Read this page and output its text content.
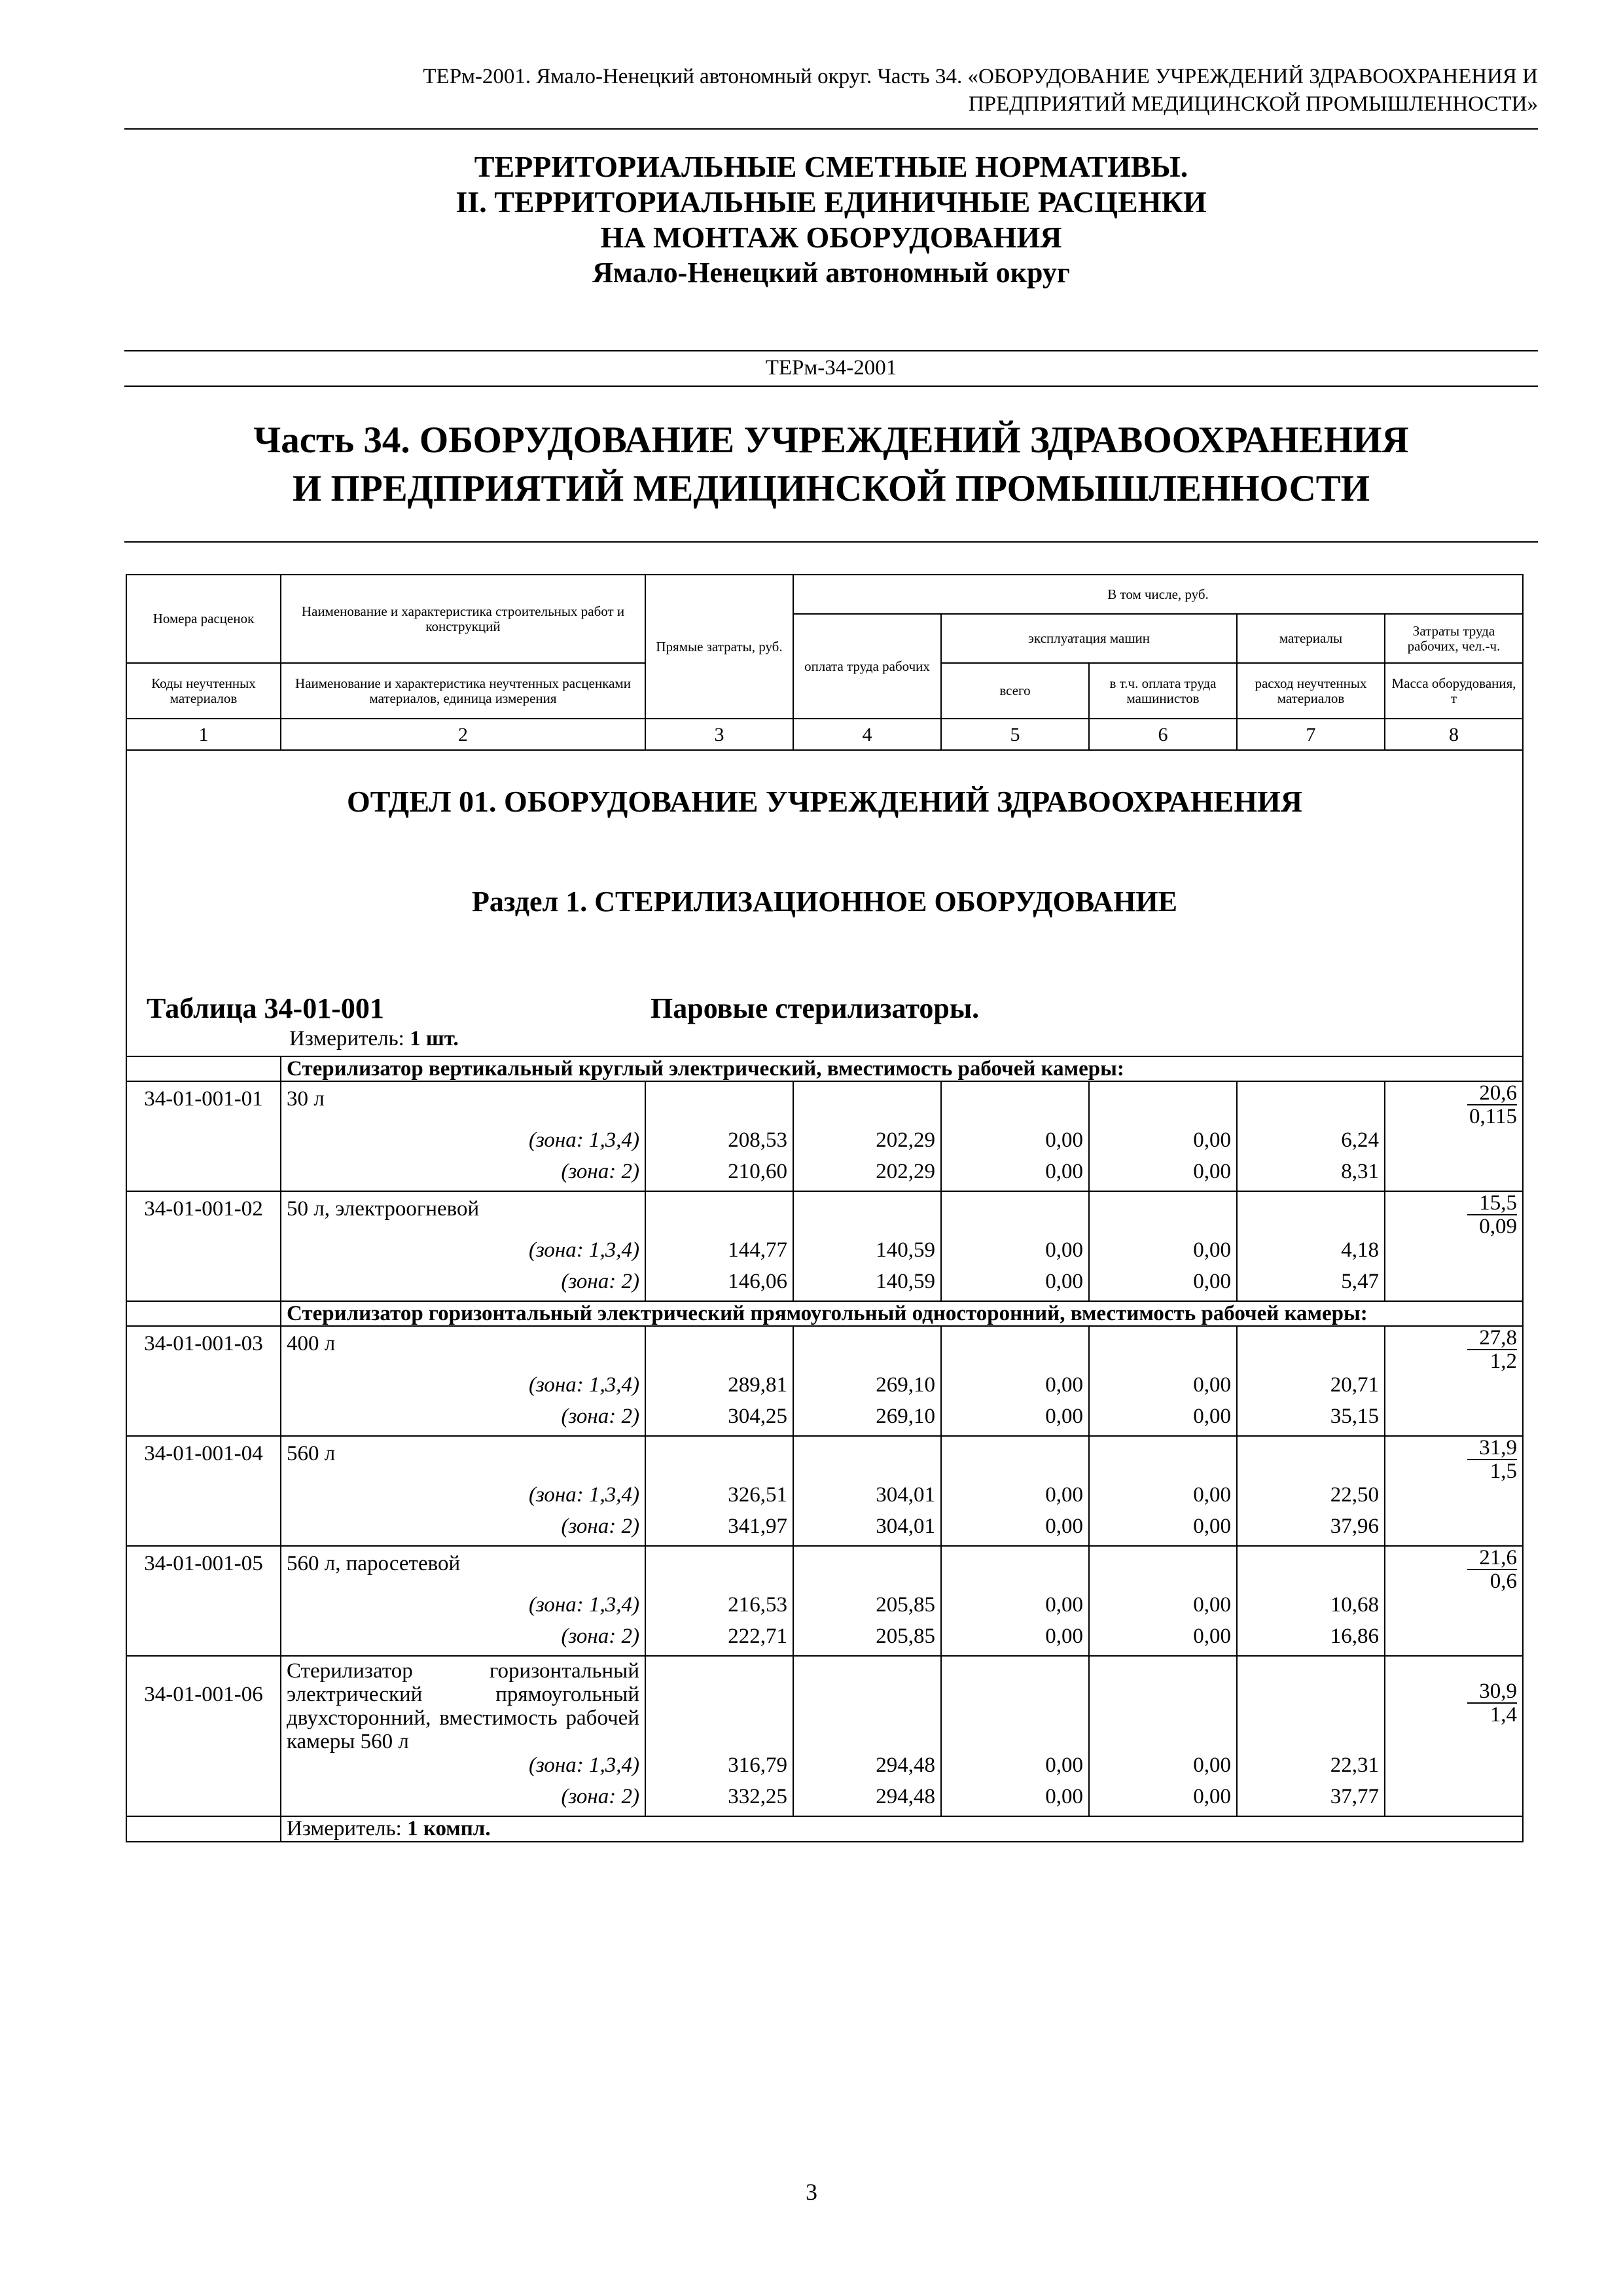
ТЕРм-2001. Ямало-Ненецкий автономный округ. Часть 34. «ОБОРУДОВАНИЕ УЧРЕЖДЕНИЙ ЗДРАВООХРАНЕНИЯ И
ПРЕДПРИЯТИЙ МЕДИЦИНСКОЙ ПРОМЫШЛЕННОСТИ»
ТЕРРИТОРИАЛЬНЫЕ СМЕТНЫЕ НОРМАТИВЫ.
II. ТЕРРИТОРИАЛЬНЫЕ ЕДИНИЧНЫЕ РАСЦЕНКИ
НА МОНТАЖ ОБОРУДОВАНИЯ
Ямало-Ненецкий автономный округ
ТЕРм-34-2001
Часть 34. ОБОРУДОВАНИЕ УЧРЕЖДЕНИЙ ЗДРАВООХРАНЕНИЯ
И ПРЕДПРИЯТИЙ МЕДИЦИНСКОЙ ПРОМЫШЛЕННОСТИ
Номера расценок	Наименование и характеристика строительных работ и конструкций	Прямые затраты, руб.	В том числе, руб.				
			оплата труда рабочих	эксплуатация машин		материалы	Затраты труда рабочих, чел.-ч.
Коды неучтенных материалов	Наименование и характеристика неучтенных расценками материалов, единица измерения			всего	в т.ч. оплата труда машинистов	расход неучтенных материалов	Масса оборудования, т
1	2	3	4	5	6	7	8

ОТДЕЛ 01. ОБОРУДОВАНИЕ УЧРЕЖДЕНИЙ ЗДРАВООХРАНЕНИЯ
Раздел 1. СТЕРИЛИЗАЦИОННОЕ ОБОРУДОВАНИЕ
Таблица 34-01-001 Паровые стерилизаторы.
Измеритель: 1 шт.							

	Стерилизатор вертикальный круглый электрический, вместимость рабочей камеры:						
34-01-001-01	30 л						$\frac{20,6}{0,115}$

	(зона: 1,3,4)	208,53	202,29	0,00	0,00	6,24	
	(зона: 2)	210,60	202,29	0,00	0,00	8,31	
34-01-001-02	50 л, электроогневой						$\frac{15,5}{0,09}$

	(зона: 1,3,4)	144,77	140,59	0,00	0,00	4,18	
	(зона: 2)	146,06	140,59	0,00	0,00	5,47	
	Стерилизатор горизонтальный электрический прямоугольный односторонний, вместимость рабочей камеры:						
34-01-001-03	400 л						$\frac{27,8}{1,2}$

	(зона: 1,3,4)	289,81	269,10	0,00	0,00	20,71	
	(зона: 2)	304,25	269,10	0,00	0,00	35,15	
34-01-001-04	560 л						$\frac{31,9}{1,5}$

	(зона: 1,3,4)	326,51	304,01	0,00	0,00	22,50	
	(зона: 2)	341,97	304,01	0,00	0,00	37,96	
34-01-001-05	560 л, паросетевой						$\frac{21,6}{0,6}$

	(зона: 1,3,4)	216,53	205,85	0,00	0,00	10,68	
	(зона: 2)	222,71	205,85	0,00	0,00	16,86	
34-01-001-06	Стерилизатор горизонтальный электрический прямоугольный двухсторонний, вместимость рабочей камеры 560 л						$\frac{30,9}{1,4}$

	(зона: 1,3,4)	316,79	294,48	0,00	0,00	22,31	
	(зона: 2)	332,25	294,48	0,00	0,00	37,77	
	Измеритель: 1 компл.						
3
